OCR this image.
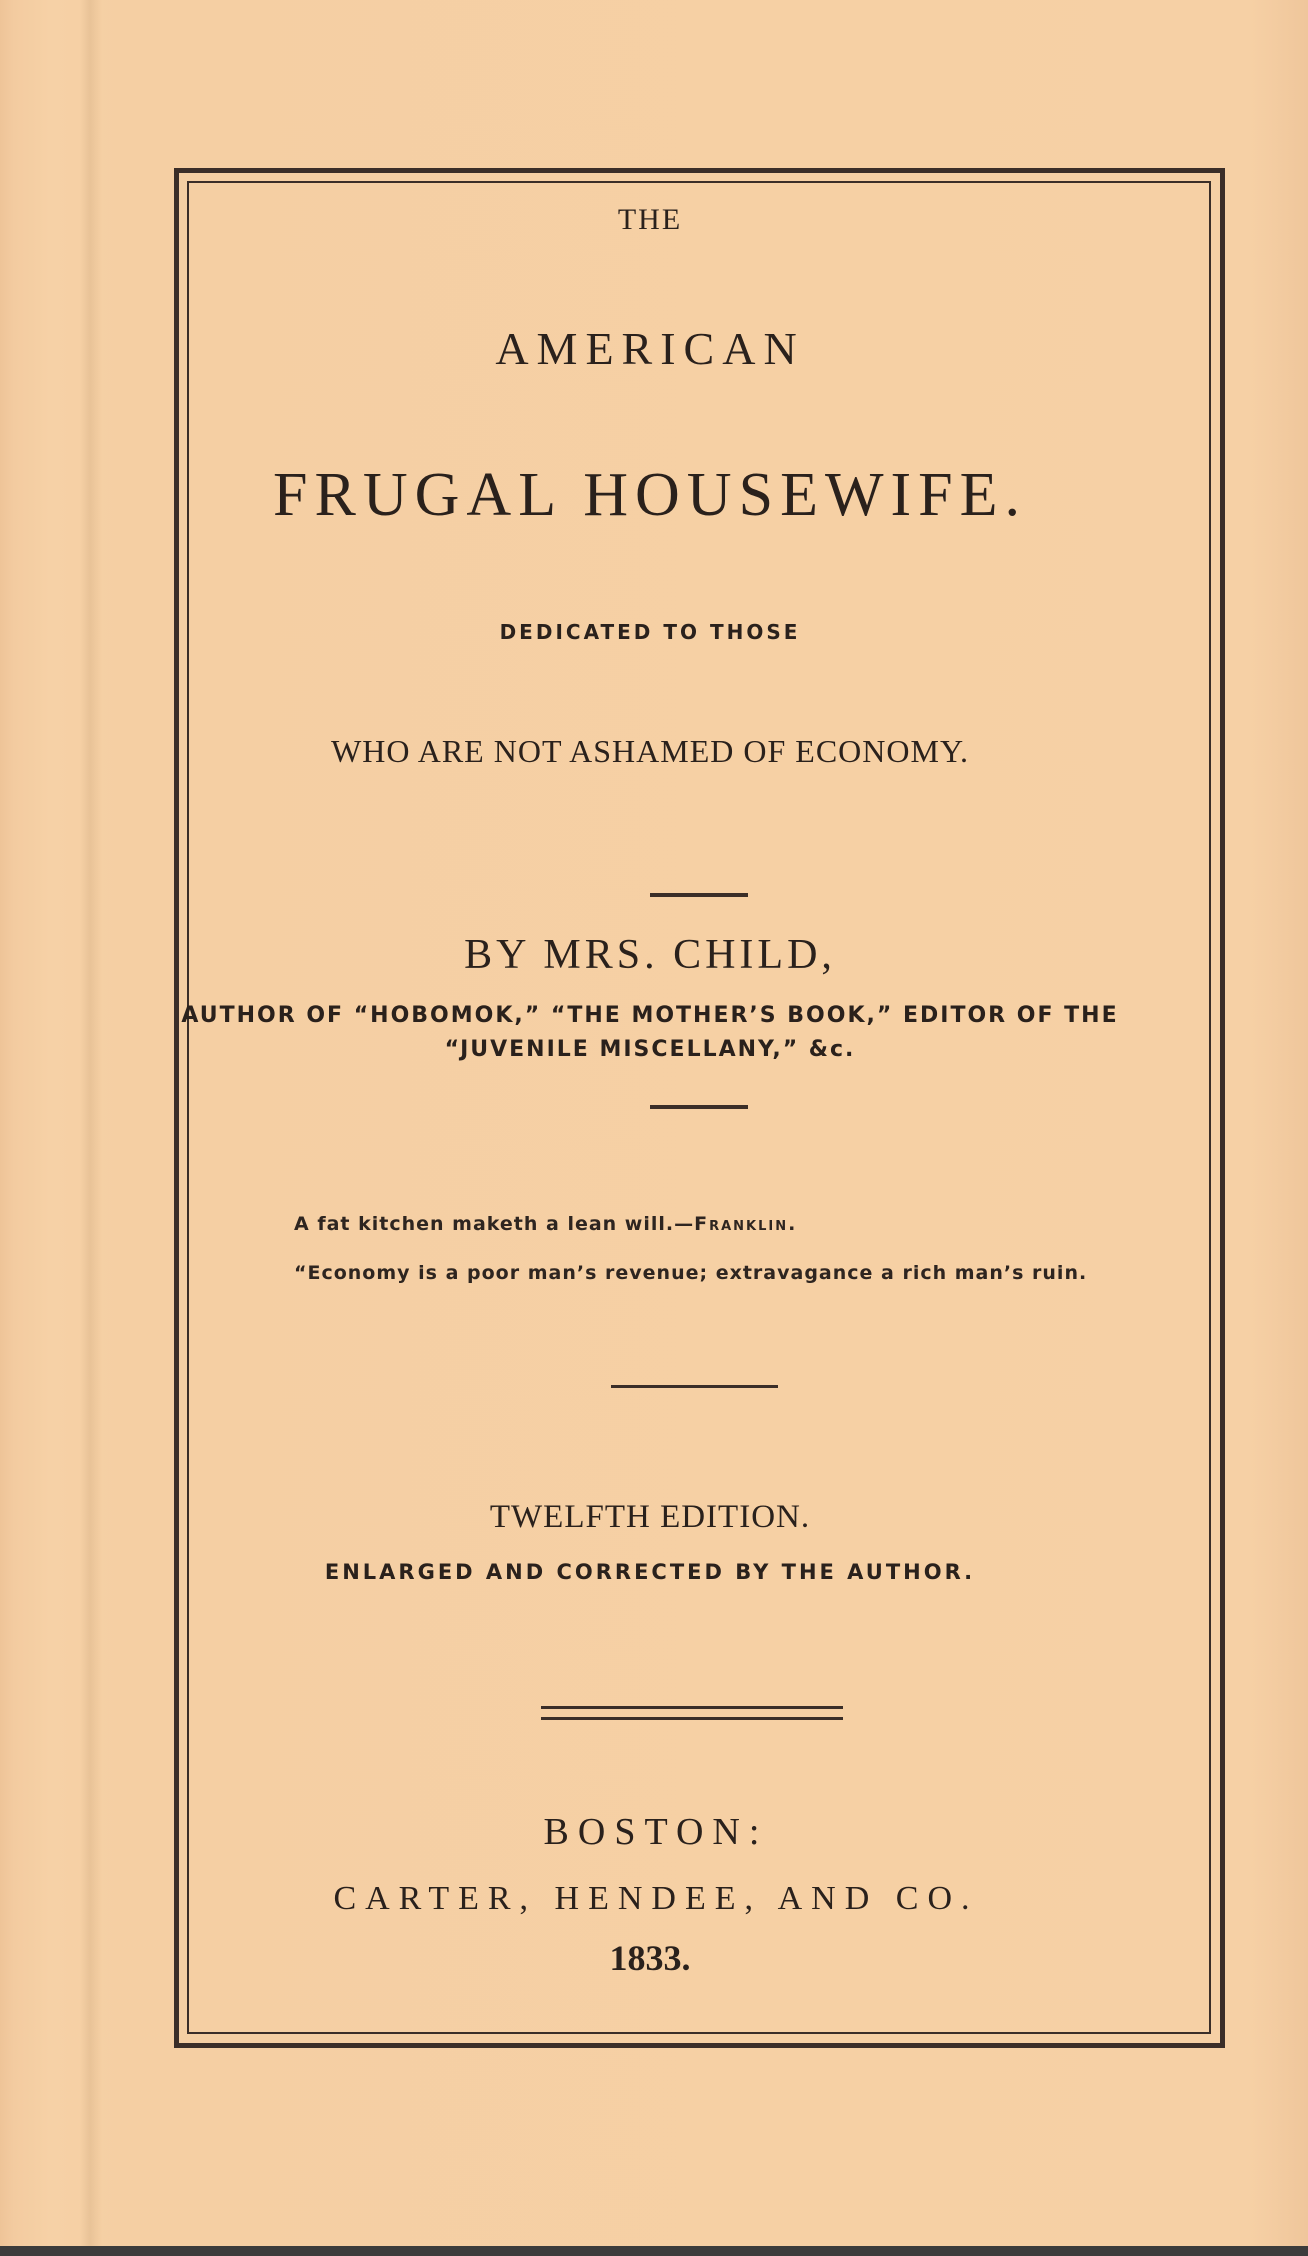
THE
AMERICAN
FRUGAL HOUSEWIFE.
DEDICATED TO THOSE
WHO ARE NOT ASHAMED OF ECONOMY.
BY MRS. CHILD,
AUTHOR OF “HOBOMOK,” “THE MOTHER’S BOOK,” EDITOR OF THE
“JUVENILE MISCELLANY,” &c.
A fat kitchen maketh a lean will.—Franklin.
“Economy is a poor man’s revenue; extravagance a rich man’s ruin.
TWELFTH EDITION.
ENLARGED AND CORRECTED BY THE AUTHOR.
BOSTON:
CARTER, HENDEE, AND CO.
1833.
